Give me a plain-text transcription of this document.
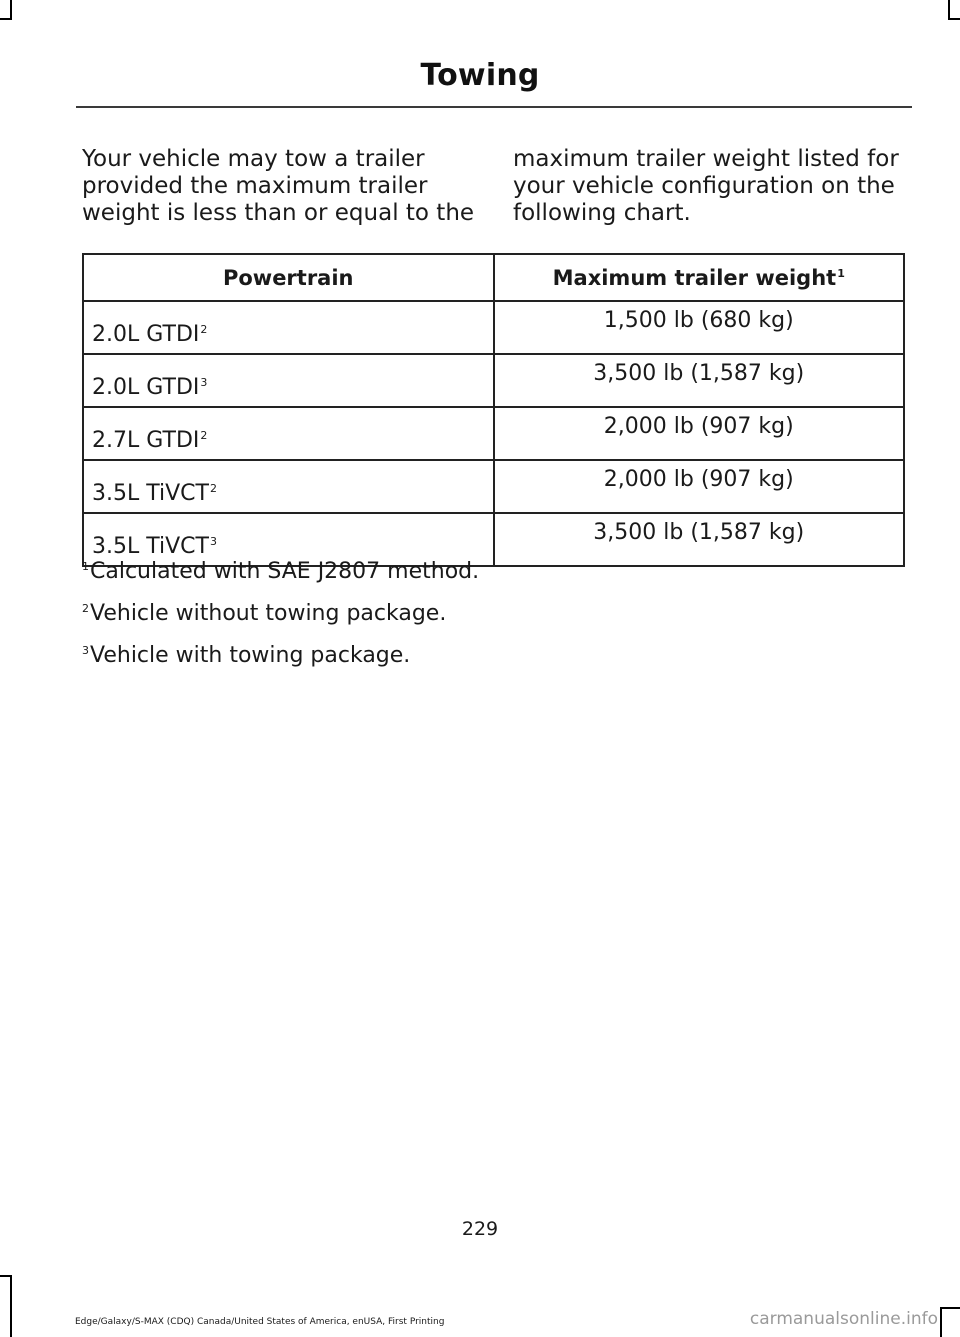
Towing

Your vehicle may tow a trailer provided the maximum trailer weight is less than or equal to the

maximum trailer weight listed for your vehicle configuration on the following chart.

Powertrain	Maximum trailer weight$^1$
2.0L GTDI$^2$	1,500 lb (680 kg)
2.0L GTDI$^3$	3,500 lb (1,587 kg)
2.7L GTDI$^2$	2,000 lb (907 kg)
3.5L TiVCT$^2$	2,000 lb (907 kg)
3.5L TiVCT$^3$	3,500 lb (1,587 kg)
$^1$Calculated with SAE J2807 method.
$^2$Vehicle without towing package.
$^3$Vehicle with towing package.
229
Edge/Galaxy/S-MAX (CDQ) Canada/United States of America, enUSA, First Printing	carmanualsonline.info
